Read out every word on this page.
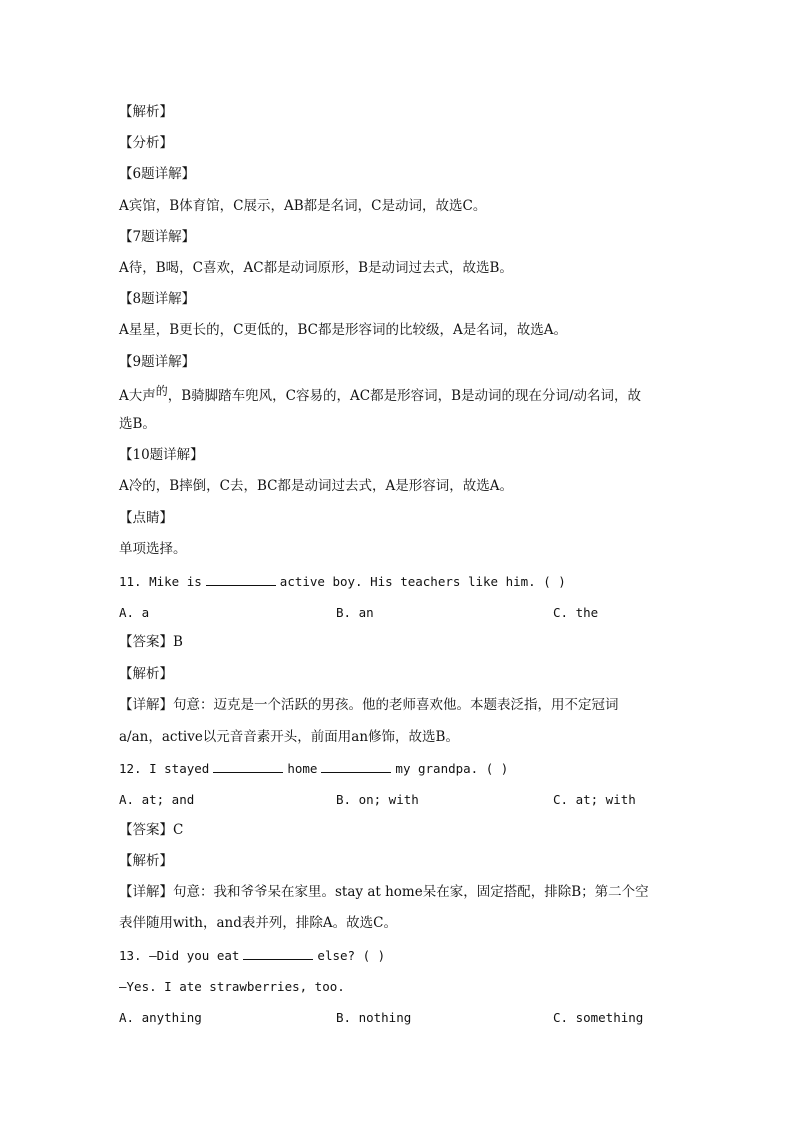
【解析】
【分析】
【6题详解】
A宾馆，B体育馆，C展示，AB都是名词，C是动词，故选C。
【7题详解】
A待，B喝，C喜欢，AC都是动词原形，B是动词过去式，故选B。
【8题详解】
A星星，B更长的，C更低的，BC都是形容词的比较级，A是名词，故选A。
【9题详解】
A大声的，B骑脚踏车兜风，C容易的，AC都是形容词，B是动词的现在分词/动名词，故
选B。
【10题详解】
A冷的，B摔倒，C去，BC都是动词过去式，A是形容词，故选A。
【点睛】
单项选择。
11. Mike is	active boy. His teachers like him. ( )
A. a	B. an	C. the
【答案】B
【解析】
【详解】句意：迈克是一个活跃的男孩。他的老师喜欢他。本题表泛指，用不定冠词
a/an，active以元音音素开头，前面用an修饰，故选B。
12. I stayed	home	my grandpa. ( )
A. at; and	B. on; with	C. at; with
【答案】C
【解析】
【详解】句意：我和爷爷呆在家里。stay at home呆在家，固定搭配，排除B；第二个空
表伴随用with，and表并列，排除A。故选C。
13. —Did you eat	else? ( )
—Yes. I ate strawberries, too.
A. anything	B. nothing	C. something
